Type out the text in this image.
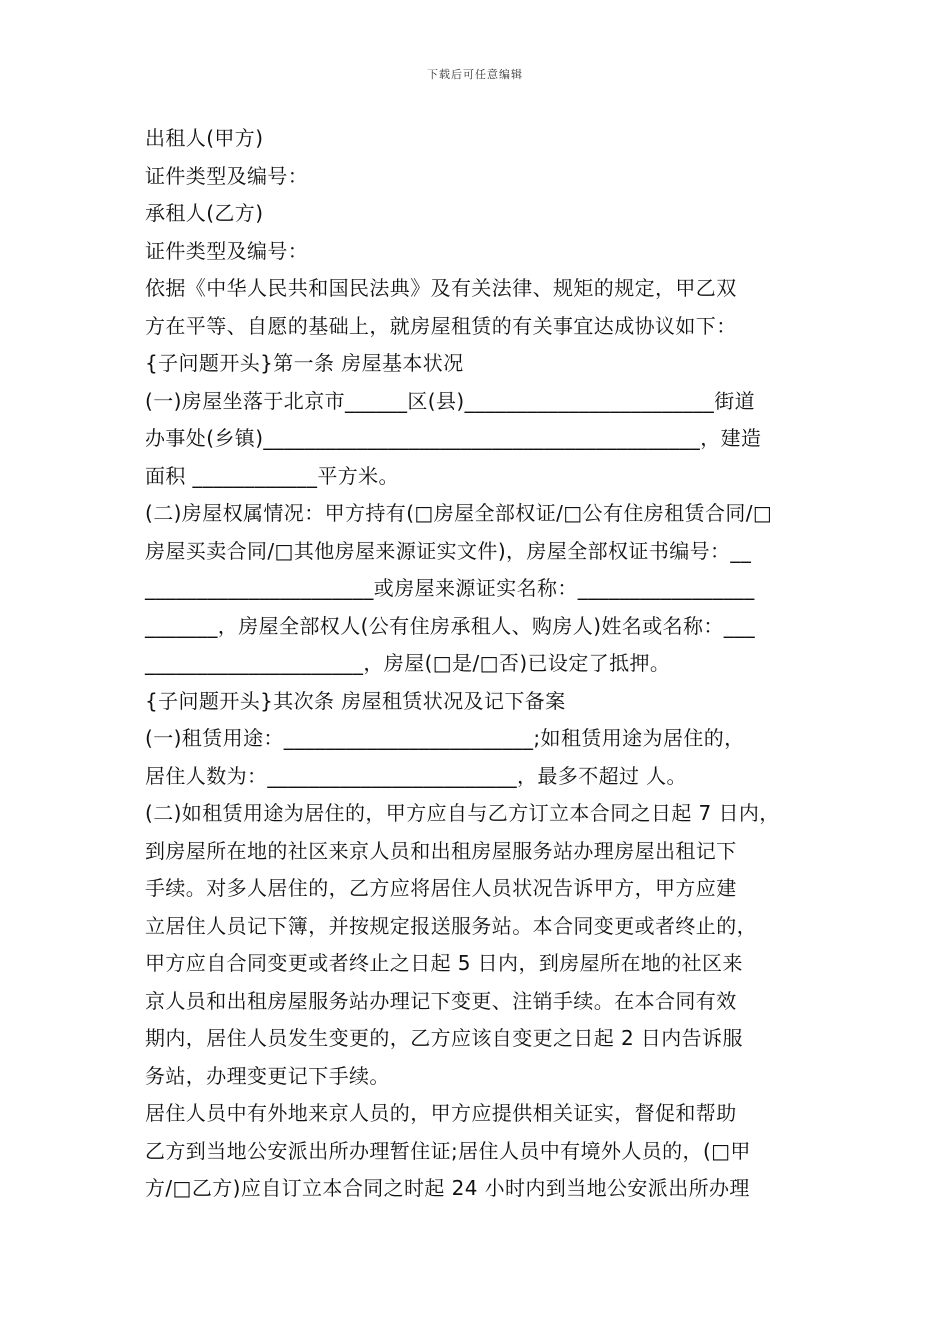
下载后可任意编辑
出租人(甲方)
证件类型及编号：
承租人(乙方)
证件类型及编号：
依据《中华人民共和国民法典》及有关法律、规矩的规定，甲乙双
方在平等、自愿的基础上，就房屋租赁的有关事宜达成协议如下：
{子问题开头}第一条 房屋基本状况
(一)房屋坐落于北京市______区(县)________________________街道
办事处(乡镇)__________________________________________，建造
面积 ____________平方米。
(二)房屋权属情况：甲方持有(□房屋全部权证/□公有住房租赁合同/□
房屋买卖合同/□其他房屋来源证实文件)，房屋全部权证书编号：__
______________________或房屋来源证实名称：_________________
_______，房屋全部权人(公有住房承租人、购房人)姓名或名称：___
_____________________，房屋(□是/□否)已设定了抵押。
{子问题开头}其次条 房屋租赁状况及记下备案
(一)租赁用途：________________________;如租赁用途为居住的，
居住人数为：________________________，最多不超过 人。
(二)如租赁用途为居住的，甲方应自与乙方订立本合同之日起 7 日内，
到房屋所在地的社区来京人员和出租房屋服务站办理房屋出租记下
手续。对多人居住的，乙方应将居住人员状况告诉甲方，甲方应建
立居住人员记下簿，并按规定报送服务站。本合同变更或者终止的，
甲方应自合同变更或者终止之日起 5 日内，到房屋所在地的社区来
京人员和出租房屋服务站办理记下变更、注销手续。在本合同有效
期内，居住人员发生变更的，乙方应该自变更之日起 2 日内告诉服
务站，办理变更记下手续。
居住人员中有外地来京人员的，甲方应提供相关证实，督促和帮助
乙方到当地公安派出所办理暂住证;居住人员中有境外人员的，(□甲
方/□乙方)应自订立本合同之时起 24 小时内到当地公安派出所办理
